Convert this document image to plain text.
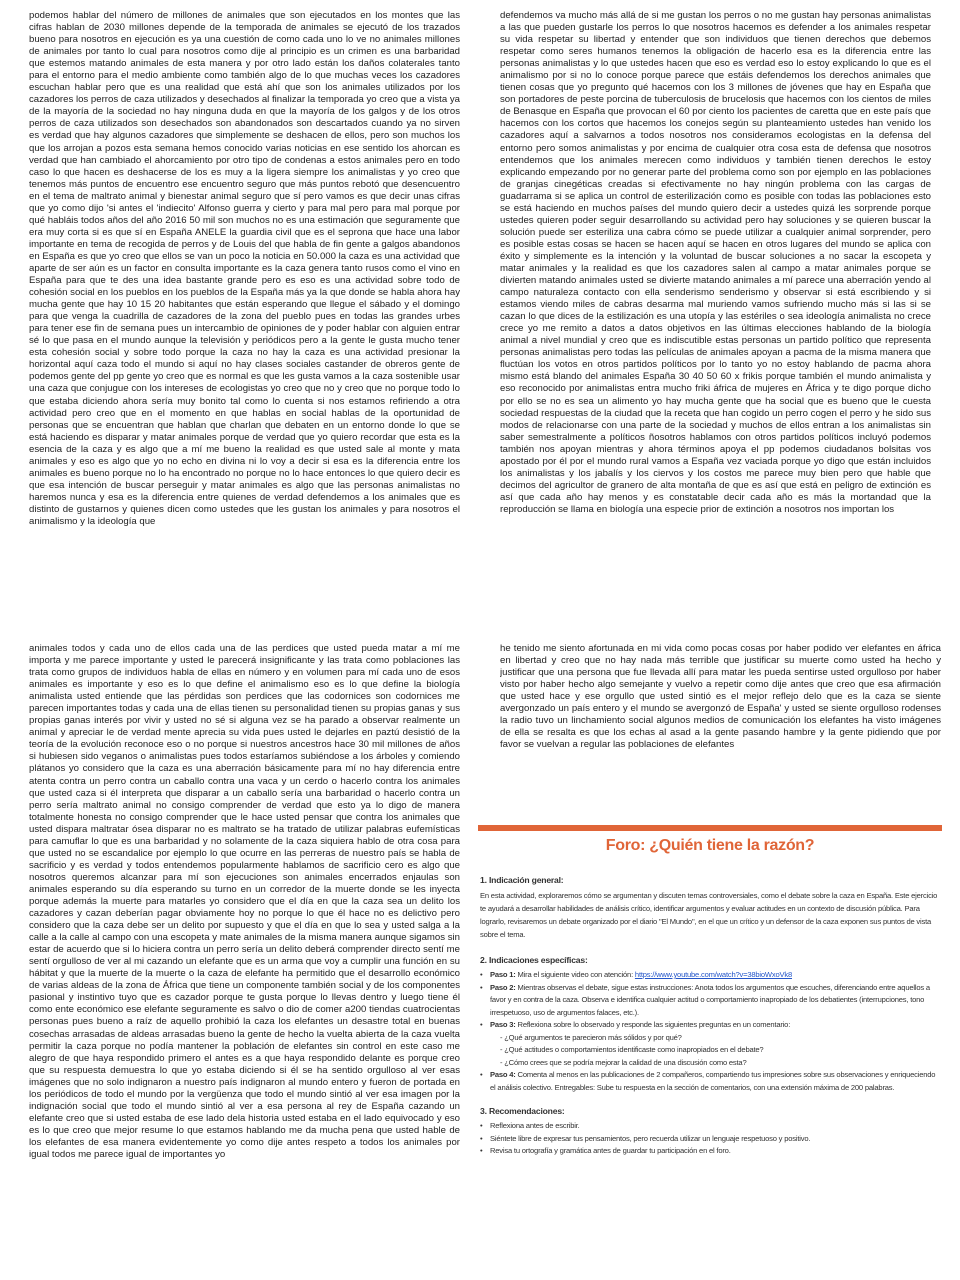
podemos hablar del número de millones de animales que son ejecutados en los montes que las cifras hablan de 2030 millones depende de la temporada de animales se ejecutó de los trazados bueno para nosotros en ejecución es ya una cuestión de como cada uno lo ve no animales millones de animales por tanto lo cual para nosotros como dije al principio es un crimen es una barbaridad que estemos matando animales de esta manera y por otro lado están los daños colaterales tanto para el entorno para el medio ambiente como también algo de lo que muchas veces los cazadores escuchan hablar pero que es una realidad que está ahí que son los animales utilizados por los cazadores los perros de caza utilizados y desechados al finalizar la temporada yo creo que a vista ya de la mayoría de la sociedad no hay ninguna duda en que la mayoría de los galgos y de los otros perros de caza utilizados son desechados son abandonados son descartados cuando ya no sirven es verdad que hay algunos cazadores que simplemente se deshacen de ellos, pero son muchos los que los arrojan a pozos esta semana hemos conocido varias noticias en ese sentido los ahorcan es verdad que han cambiado el ahorcamiento por otro tipo de condenas a estos animales pero en todo caso lo que hacen es deshacerse de los es muy a la ligera siempre los animalistas y yo creo que tenemos más puntos de encuentro ese encuentro seguro que más puntos rebotó que desencuentro en el tema de maltrato animal y bienestar animal seguro que sí pero vamos es que decir unas cifras que yo como dijo 'si antes el 'indiecito' Alfonso guerra y cierto y para mal pero para mal porque por qué habláis todos años del año 2016 50 mil son muchos no es una estimación que seguramente que era muy corta si es que sí en España ANELE la guardia civil que es el seprona que hace una labor importante en tema de recogida de perros y de Louis del que habla de fin gente a galgos abandonos en España es que yo creo que ellos se van un poco la noticia en 50.000 la caza es una actividad que aparte de ser aún es un factor en consulta importante es la caza genera tanto rusos como el vino en España para que te des una idea bastante grande pero es eso es una actividad sobre todo de cohesión social en los pueblos en los pueblos de la España más ya la que donde se habla ahora hay mucha gente que hay 10 15 20 habitantes que están esperando que llegue el sábado y el domingo para que venga la cuadrilla de cazadores de la zona del pueblo pues en todas las grandes urbes para tener ese fin de semana pues un intercambio de opiniones de y poder hablar con alguien entrar sé lo que pasa en el mundo aunque la televisión y periódicos pero a la gente le gusta mucho tener esta cohesión social y sobre todo porque la caza no hay la caza es una actividad presionar la horizontal aquí caza todo el mundo si aquí no hay clases sociales castander de obreros gente de podemos gente del pp gente yo creo que es normal es que les gusta vamos a la caza sostenible usar una caza que conjugue con los intereses de ecologistas yo creo que no y creo que no porque todo lo que estaba diciendo ahora sería muy bonito tal como lo cuenta si nos estamos refiriendo a otra actividad pero creo que en el momento en que hablas en social hablas de la oportunidad de personas que se encuentran que hablan que charlan que debaten en un entorno donde lo que se está haciendo es disparar y matar animales porque de verdad que yo quiero recordar que esta es la esencia de la caza y es algo que a mí me bueno la realidad es que usted sale al monte y mata animales y eso es algo que yo no echo en divina ni lo voy a decir si esa es la diferencia entre los animales es bueno porque no lo ha encontrado no porque no lo hace entonces lo que quiero decir es que esa intención de buscar perseguir y matar animales es algo que las personas animalistas no haremos nunca y esa es la diferencia entre quienes de verdad defendemos a los animales que es distinto de gustarnos y quienes dicen como ustedes que les gustan los animales y para nosotros el animalismo y la ideología que

defendemos va mucho más allá de si me gustan los perros o no me gustan hay personas animalistas a las que pueden gustarle los perros lo que nosotros hacemos es defender a los animales respetar su vida respetar su libertad y entender que son individuos que tienen derechos que debemos respetar como seres humanos tenemos la obligación de hacerlo esa es la diferencia entre las personas animalistas y lo que ustedes hacen que eso es verdad eso lo estoy explicando lo que es el animalismo por si no lo conoce porque parece que estáis defendemos los derechos animales que tienen cosas que yo pregunto qué hacemos con los 3 millones de jóvenes que hay en España que son portadores de peste porcina de tuberculosis de brucelosis que hacemos con los cientos de miles de Benasque en España que provocan el 60 por ciento los pacientes de caretta que en este país que hacemos con los cortos que hacemos los conejos según su planteamiento ustedes han venido los cazadores aquí a salvarnos a todos nosotros nos consideramos ecologistas en la defensa del entorno pero somos animalistas y por encima de cualquier otra cosa esta de defensa que nosotros entendemos que los animales merecen como individuos y también tienen derechos le estoy explicando empezando por no generar parte del problema como son por ejemplo en las poblaciones de granjas cinegéticas creadas si efectivamente no hay ningún problema con las cargas de guadarrama si se aplica un control de esterilización como es posible con todas las poblaciones esto se está haciendo en muchos países del mundo quiero decir a ustedes quizá les sorprende porque ustedes quieren poder seguir desarrollando su actividad pero hay soluciones y se quieren buscar la solución puede ser esteriliza una cabra cómo se puede utilizar a cualquier animal sorprender, pero es posible estas cosas se hacen se hacen aquí se hacen en otros lugares del mundo se aplica con éxito y simplemente es la intención y la voluntad de buscar soluciones a no sacar la escopeta y matar animales y la realidad es que los cazadores salen al campo a matar animales porque se divierten matando animales usted se divierte matando animales a mí parece una aberración yendo al campo naturaleza contacto con ella senderismo senderismo y observar si está escribiendo y si estamos viendo miles de cabras desarma mal muriendo vamos sufriendo mucho más si las si se cazan lo que dices de la estilización es una utopía y las estériles o sea ideología animalista no crece crece yo me remito a datos a datos objetivos en las últimas elecciones hablando de la biología animal a nivel mundial y creo que es indiscutible estas personas un partido político que representa personas animalistas pero todas las películas de animales apoyan a pacma de la misma manera que fluctúan los votos en otros partidos políticos por lo tanto yo no estoy hablando de pacma ahora mismo está blando del animales España 30 40 50 60 x frikis porque también el mundo animalista y eso reconocido por animalistas entra mucho friki áfrica de mujeres en África y te digo porque dicho por ello se no es sea un alimento yo hay mucha gente que ha social que es bueno que le cuesta sociedad respuestas de la ciudad que la receta que han cogido un perro cogen el perro y he sido sus modos de relacionarse con una parte de la sociedad y muchos de ellos entran a los animalistas sin saber semestralmente a políticos ñosotros hablamos con otros partidos políticos incluyó podemos también nos apoyan mientras y ahora términos apoya el pp podemos ciudadanos bolsitas vos apostado por él por el mundo rural vamos a España vez vaciada porque yo digo que están incluidos los animalistas y los jabalís y los ciervos y los costos me parece muy bien pero que hable que decimos del agricultor de granero de alta montaña de que es así que está en peligro de extinción es así que cada año hay menos y es constatable decir cada año es más la mortandad que la reproducción se llama en biología una especie prior de extinción a nosotros nos importan los

animales todos y cada uno de ellos cada una de las perdices que usted pueda matar a mí me importa y me parece importante y usted le parecerá insignificante y las trata como poblaciones las trata como grupos de individuos habla de ellas en número y en volumen para mí cada uno de esos animales es importante y eso es lo que define el animalismo eso es lo que define la biología animalista usted entiende que las pérdidas son perdices que las codornices son codornices me parecen importantes todas y cada una de ellas tienen su personalidad tienen su propias ganas y sus propias ganas interés por vivir y usted no sé si alguna vez se ha parado a observar realmente un animal y apreciar le de verdad mente aprecia su vida pues usted le dejarles en paztú desistió de la teoría de la evolución reconoce eso o no porque si nuestros ancestros hace 30 mil millones de años si hubiesen sido veganos o animalistas pues todos estaríamos subiéndose a los árboles y comiendo plátanos yo considero que la caza es una aberración básicamente para mí no hay diferencia entre atenta contra un perro contra un caballo contra una vaca y un cerdo o hacerlo contra los animales que usted caza si él interpreta que disparar a un caballo sería una barbaridad o hacerlo contra un perro sería maltrato animal no consigo comprender de verdad que esto ya lo digo de manera totalmente honesta no consigo comprender que le hace usted pensar que contra los animales que usted dispara maltratar ósea disparar no es maltrato se ha tratado de utilizar palabras eufemísticas para camuflar lo que es una barbaridad y no solamente de la caza siquiera hablo de otra cosa para que usted no se escandalice por ejemplo lo que ocurre en las perreras de nuestro país se habla de sacrificio y es verdad y todos entendemos popularmente hablamos de sacrificio cero es algo que nosotros queremos alcanzar para mí son ejecuciones son animales encerrados enjaulas son animales esperando su día esperando su turno en un corredor de la muerte donde se les inyecta porque además la muerte para matarles yo considero que el día en que la caza sea un delito los cazadores y cazan deberían pagar obviamente hoy no porque lo que él hace no es delictivo pero considero que la caza debe ser un delito por supuesto y que el día en que lo sea y usted salga a la calle a la calle al campo con una escopeta y mate animales de la misma manera aunque sigamos sin estar de acuerdo que si lo hiciera contra un perro sería un delito deberá comprender directo sentí me sentí orgulloso de ver al mi cazando un elefante que es un arma que voy a cumplir una función en su hábitat y que la muerte de la muerte o la caza de elefante ha permitido que el desarrollo económico de varias aldeas de la zona de África que tiene un componente también social y de los componentes pasional y instintivo tuyo que es cazador porque te gusta porque lo llevas dentro y luego tiene él como ente económico ese elefante seguramente es salvo o dio de comer a200 tiendas cuatrocientas personas pues bueno a raíz de aquello prohibió la caza los elefantes un desastre total en buenas cosechas arrasadas de aldeas arrasadas bueno la gente de hecho la vuelta abierta de la caza vuelta permitir la caza porque no podía mantener la población de elefantes sin control en este caso me alegro de que haya respondido primero el antes es a que haya respondido delante es porque creo que su respuesta demuestra lo que yo estaba diciendo si él se ha sentido orgulloso al ver esas imágenes que no solo indignaron a nuestro país indignaron al mundo entero y fueron de portada en los periódicos de todo el mundo por la vergüenza que todo el mundo sintió al ver esa imagen por la indignación social que todo el mundo sintió al ver a esa persona al rey de España cazando un elefante creo que si usted estaba de ese lado dela historia usted estaba en el lado equivocado y eso es lo que creo que mejor resume lo que estamos hablando me da mucha pena que usted hable de los elefantes de esa manera evidentemente yo como dije antes respeto a todos los animales por igual todos me parece igual de importantes yo

he tenido me siento afortunada en mi vida como pocas cosas por haber podido ver elefantes en áfrica en libertad y creo que no hay nada más terrible que justificar su muerte como usted ha hecho y justificar que una persona que fue llevada allí para matar les pueda sentirse usted orgulloso por haber visto por haber hecho algo semejante y vuelvo a repetir como dije antes que creo que esa afirmación que usted hace y ese orgullo que usted sintió es el mejor reflejo delo que es la caza se siente avergonzado un país entero y el mundo se avergonzó de España' y usted se siente orgulloso rodenses la radio tuvo un linchamiento social algunos medios de comunicación los elefantes ha visto imágenes de ella se resalta es que los echas al asad a la gente pasando hambre y la gente pidiendo que por favor se vuelvan a regular las poblaciones de elefantes

Foro: ¿Quién tiene la razón?
1. Indicación general:
En esta actividad, exploraremos cómo se argumentan y discuten temas controversiales, como el debate sobre la caza en España. Este ejercicio te ayudará a desarrollar habilidades de análisis crítico, identificar argumentos y evaluar actitudes en un contexto de discusión pública. Para lograrlo, revisaremos un debate organizado por el diario "El Mundo", en el que un crítico y un defensor de la caza exponen sus puntos de vista sobre el tema.
2. Indicaciones específicas:
• Paso 1: Mira el siguiente video con atención: https://www.youtube.com/watch?v=38bioWxoVk8
• Paso 2: Mientras observas el debate, sigue estas instrucciones: Anota todos los argumentos que escuches, diferenciando entre aquellos a favor y en contra de la caza. Observa e identifica cualquier actitud o comportamiento inapropiado de los debatientes (interrupciones, tono irrespetuoso, uso de argumentos falaces, etc.).
• Paso 3: Reflexiona sobre lo observado y responde las siguientes preguntas en un comentario:
- ¿Qué argumentos te parecieron más sólidos y por qué?
- ¿Qué actitudes o comportamientos identificaste como inapropiados en el debate?
- ¿Cómo crees que se podría mejorar la calidad de una discusión como esta?
• Paso 4: Comenta al menos en las publicaciones de 2 compañeros, compartiendo tus impresiones sobre sus observaciones y enriqueciendo el análisis colectivo. Entregables: Sube tu respuesta en la sección de comentarios, con una extensión máxima de 200 palabras.
3. Recomendaciones:
• Reflexiona antes de escribir.
• Siéntete libre de expresar tus pensamientos, pero recuerda utilizar un lenguaje respetuoso y positivo.
• Revisa tu ortografía y gramática antes de guardar tu participación en el foro.
